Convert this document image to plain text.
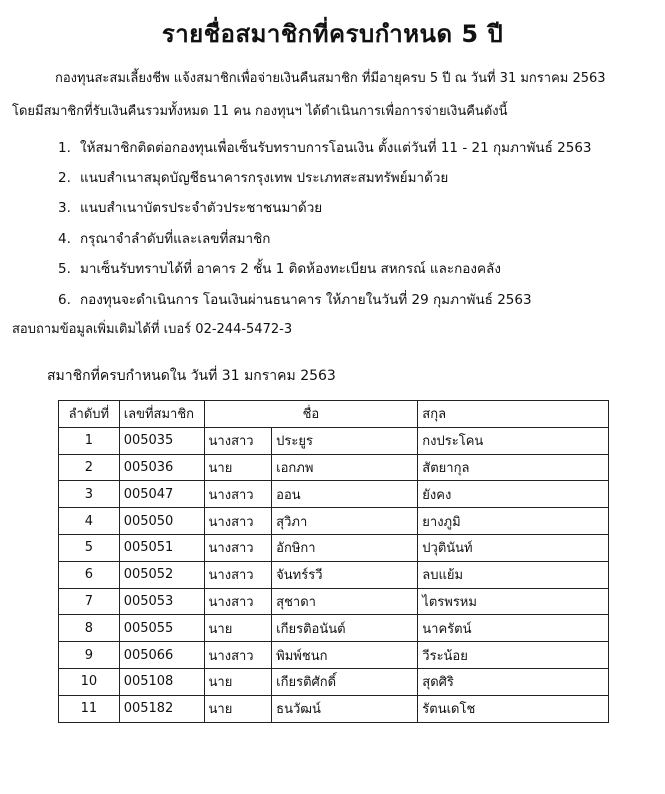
รายชื่อสมาชิกที่ครบกำหนด 5 ปี
กองทุนสะสมเลี้ยงชีพ แจ้งสมาชิกเพื่อจ่ายเงินคืนสมาชิก ที่มีอายุครบ 5 ปี ณ วันที่ 31 มกราคม 2563
โดยมีสมาชิกที่รับเงินคืนรวมทั้งหมด 11 คน กองทุนฯ ได้ดำเนินการเพื่อการจ่ายเงินคืนดังนี้
1. ให้สมาชิกติดต่อกองทุนเพื่อเซ็นรับทราบการโอนเงิน ตั้งแต่วันที่ 11 - 21 กุมภาพันธ์ 2563
2. แนบสำเนาสมุดบัญชีธนาคารกรุงเทพ ประเภทสะสมทรัพย์มาด้วย
3. แนบสำเนาบัตรประจำตัวประชาชนมาด้วย
4. กรุณาจำลำดับที่และเลขที่สมาชิก
5. มาเซ็นรับทราบได้ที่ อาคาร 2 ชั้น 1 ติดห้องทะเบียน สหกรณ์ และกองคลัง
6. กองทุนจะดำเนินการ โอนเงินผ่านธนาคาร ให้ภายในวันที่ 29 กุมภาพันธ์ 2563
สอบถามข้อมูลเพิ่มเติมได้ที่ เบอร์ 02-244-5472-3
สมาชิกที่ครบกำหนดใน วันที่ 31 มกราคม 2563
ลำดับที่	เลขที่สมาชิก	ชื่อ		สกุล
1	005035	นางสาว	ประยูร	กงประโคน
2	005036	นาย	เอกภพ	สัตยากุล
3	005047	นางสาว	ออน	ยังคง
4	005050	นางสาว	สุวิภา	ยางภูมิ
5	005051	นางสาว	อักษิกา	ปวุตินันท์
6	005052	นางสาว	จันทร์รวี	ลบแย้ม
7	005053	นางสาว	สุชาดา	ไตรพรหม
8	005055	นาย	เกียรติอนันต์	นาครัตน์
9	005066	นางสาว	พิมพ์ชนก	วีระน้อย
10	005108	นาย	เกียรติศักดิ์	สุดศิริ
11	005182	นาย	ธนวัฒน์	รัตนเดโช
